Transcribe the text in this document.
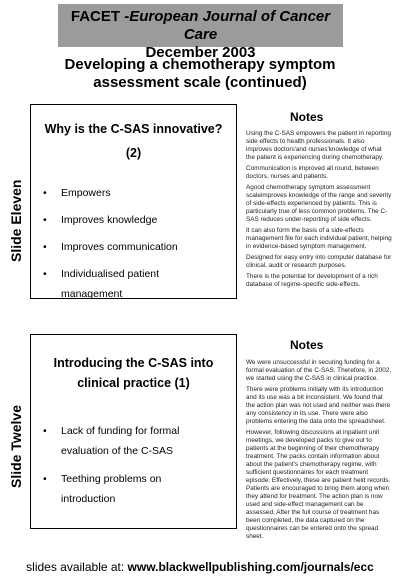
FACET -European Journal of Cancer Care
December 2003
Developing a chemotherapy symptom
assessment scale (continued)
Slide Eleven
Why is the C-SAS innovative?
(2)
• Empowers
• Improves knowledge
• Improves communication
• Individualised patient
management
Notes

Using the C-SAS empowers the patient in reporting side effects to health professionals. It also improves doctors'and nurses'knowledge of what the patient is experiencing during chemotherapy.

Communication is improved all round, between doctors, nurses and patients.

Agood chemotherapy symptom assessment scaleimproves knowledge of the range and severity of side-effects experienced by patients. This is particularly true of less common problems. The C-SAS reduces under-reporting of side effects.

It can also form the basis of a side-effects management file for each individual patient, helping in evidence-based symptom management.

Designed for easy entry into computer database for clinical, audit or research purposes.

There is the potential for development of a rich database of regime-specific side-effects.

Slide Twelve
Introducing the C-SAS into
clinical practice (1)
• Lack of funding for formal
evaluation of the C-SAS
• Teething problems on
introduction
Notes

We were unsuccessful in securing funding for a formal evaluation of the C-SAS. Therefore, in 2002, we started using the C-SAS in clinical practice.

There were problems initially with its introduction and its use was a bit inconsistent. We found that the action plan was not used and neither was there any consistency in its use. There were also problems entering the data onto the spreadsheet.

However, following discussions at inpatient unit meetings, we developed packs to give out to patients at the beginning of their chemotherapy treatment. The packs contain information about about the patient's chemotherapy regime, with sufficient questionnaires for each treatment episode. Effectively, these are patient held records. Patients are encouraged to bring them along when they attend for treatment. The action plan is now used and side-effect management can be assessed. After the full course of treatment has been completed, the data captured on the questionnaires can be entered onto the spread sheet.

slides available at: www.blackwellpublishing.com/journals/ecc
